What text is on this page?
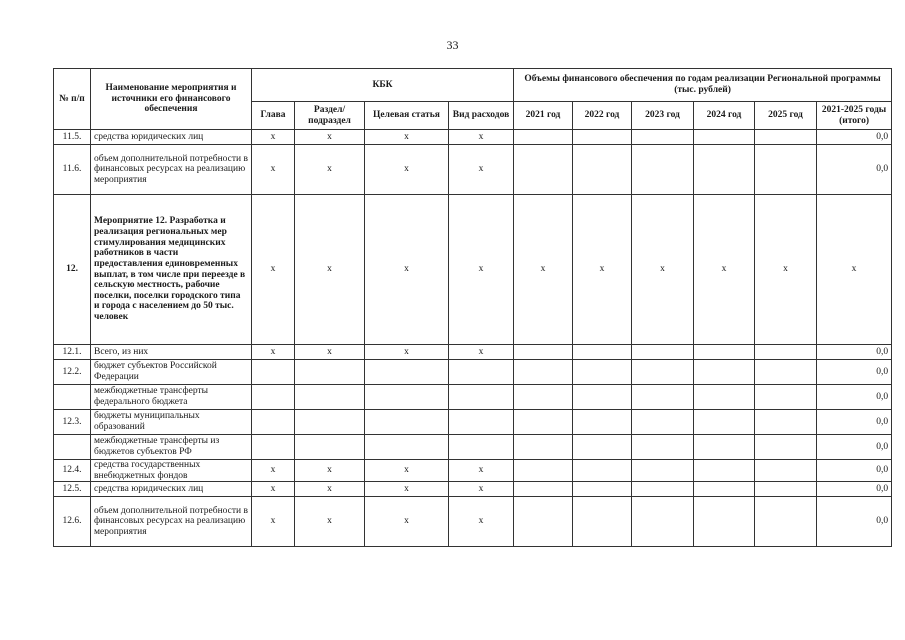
33
№ п/п	Наименование мероприятия и источники его финансового обеспечения	КБК				Объемы финансового обеспечения по годам реализации Региональной программы (тыс. рублей)					
		Глава	Раздел/ подраздел	Целевая статья	Вид расходов	2021 год	2022 год	2023 год	2024 год	2025 год	2021-2025 годы (итого)
11.5.	средства юридических лиц	х	х	х	х						0,0
11.6.	объем дополнительной потребности в финансовых ресурсах на реализацию мероприятия	х	х	х	х						0,0
12.	Мероприятие 12. Разработка и реализация региональных мер стимулирования медицинских работников в части предоставления единовременных выплат, в том числе при переезде в сельскую местность, рабочие поселки, поселки городского типа и города с населением до 50 тыс. человек	х	х	х	х	х	х	х	х	х	х
12.1.	Всего, из них	х	х	х	х						0,0
12.2.	бюджет субъектов Российской Федерации										0,0
	межбюджетные трансферты федерального бюджета										0,0
12.3.	бюджеты муниципальных образований										0,0
	межбюджетные трансферты из бюджетов субъектов РФ										0,0
12.4.	средства государственных внебюджетных фондов	х	х	х	х						0,0
12.5.	средства юридических лиц	х	х	х	х						0,0
12.6.	объем дополнительной потребности в финансовых ресурсах на реализацию мероприятия	х	х	х	х						0,0
